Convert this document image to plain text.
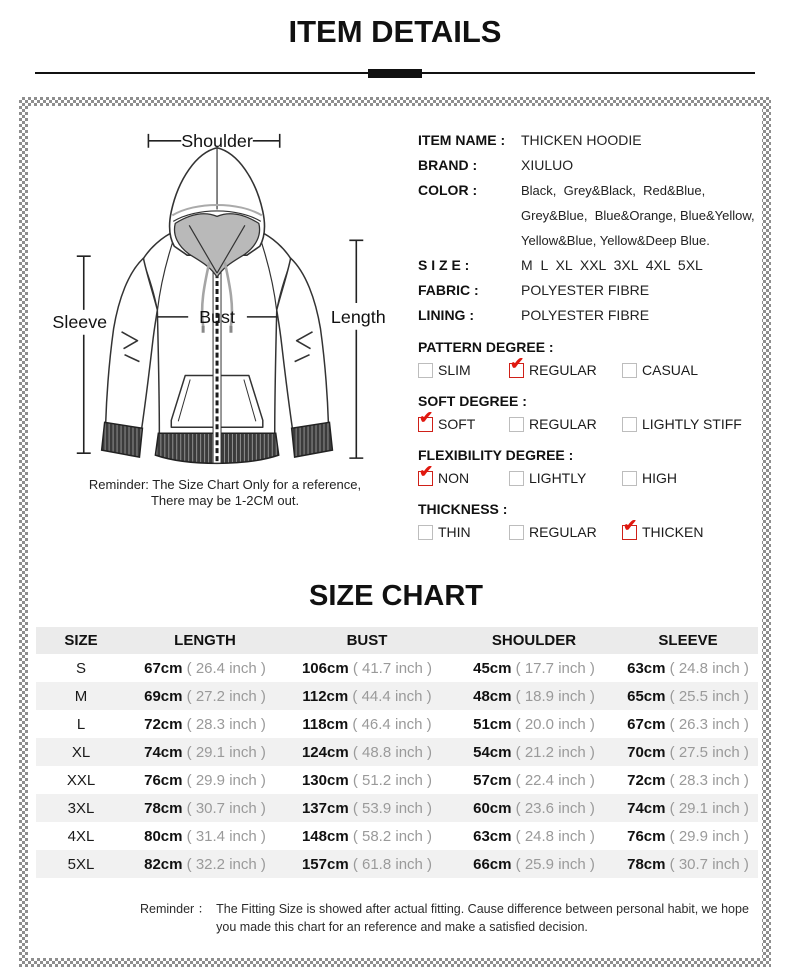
ITEM DETAILS
Shoulder
Sleeve	Length
Bust
Reminder: The Size Chart Only for a reference,
There may be 1-2CM out.
ITEM NAME :	THICKEN HOODIE
BRAND :	XIULUO
COLOR :	Black,  Grey&Black,  Red&Blue,
Grey&Blue,  Blue&Orange, Blue&Yellow,
Yellow&Blue, Yellow&Deep Blue.
S I Z E :	M  L  XL  XXL  3XL  4XL  5XL
FABRIC :	POLYESTER FIBRE
LINING :	POLYESTER FIBRE
PATTERN DEGREE :
SLIM ✔ REGULAR	CASUAL
SOFT DEGREE :
✔ SOFT	REGULAR	LIGHTLY STIFF
FLEXIBILITY DEGREE :
✔ NON	LIGHTLY	HIGH
THICKNESS :
THIN	REGULAR ✔ THICKEN
SIZE CHART
SIZE	LENGTH	BUST	SHOULDER	SLEEVE
S	67cm ( 26.4 inch )	106cm ( 41.7 inch )	45cm ( 17.7 inch )	63cm ( 24.8 inch )
M	69cm ( 27.2 inch )	112cm ( 44.4 inch )	48cm ( 18.9 inch )	65cm ( 25.5 inch )
L	72cm ( 28.3 inch )	118cm ( 46.4 inch )	51cm ( 20.0 inch )	67cm ( 26.3 inch )
XL	74cm ( 29.1 inch )	124cm ( 48.8 inch )	54cm ( 21.2 inch )	70cm ( 27.5 inch )
XXL	76cm ( 29.9 inch )	130cm ( 51.2 inch )	57cm ( 22.4 inch )	72cm ( 28.3 inch )
3XL	78cm ( 30.7 inch )	137cm ( 53.9 inch )	60cm ( 23.6 inch )	74cm ( 29.1 inch )
4XL	80cm ( 31.4 inch )	148cm ( 58.2 inch )	63cm ( 24.8 inch )	76cm ( 29.9 inch )
5XL	82cm ( 32.2 inch )	157cm ( 61.8 inch )	66cm ( 25.9 inch )	78cm ( 30.7 inch )
Reminder ： The Fitting Size is showed after actual fitting. Cause difference between personal habit, we hope
you made this chart for an reference and make a satisfied decision.
